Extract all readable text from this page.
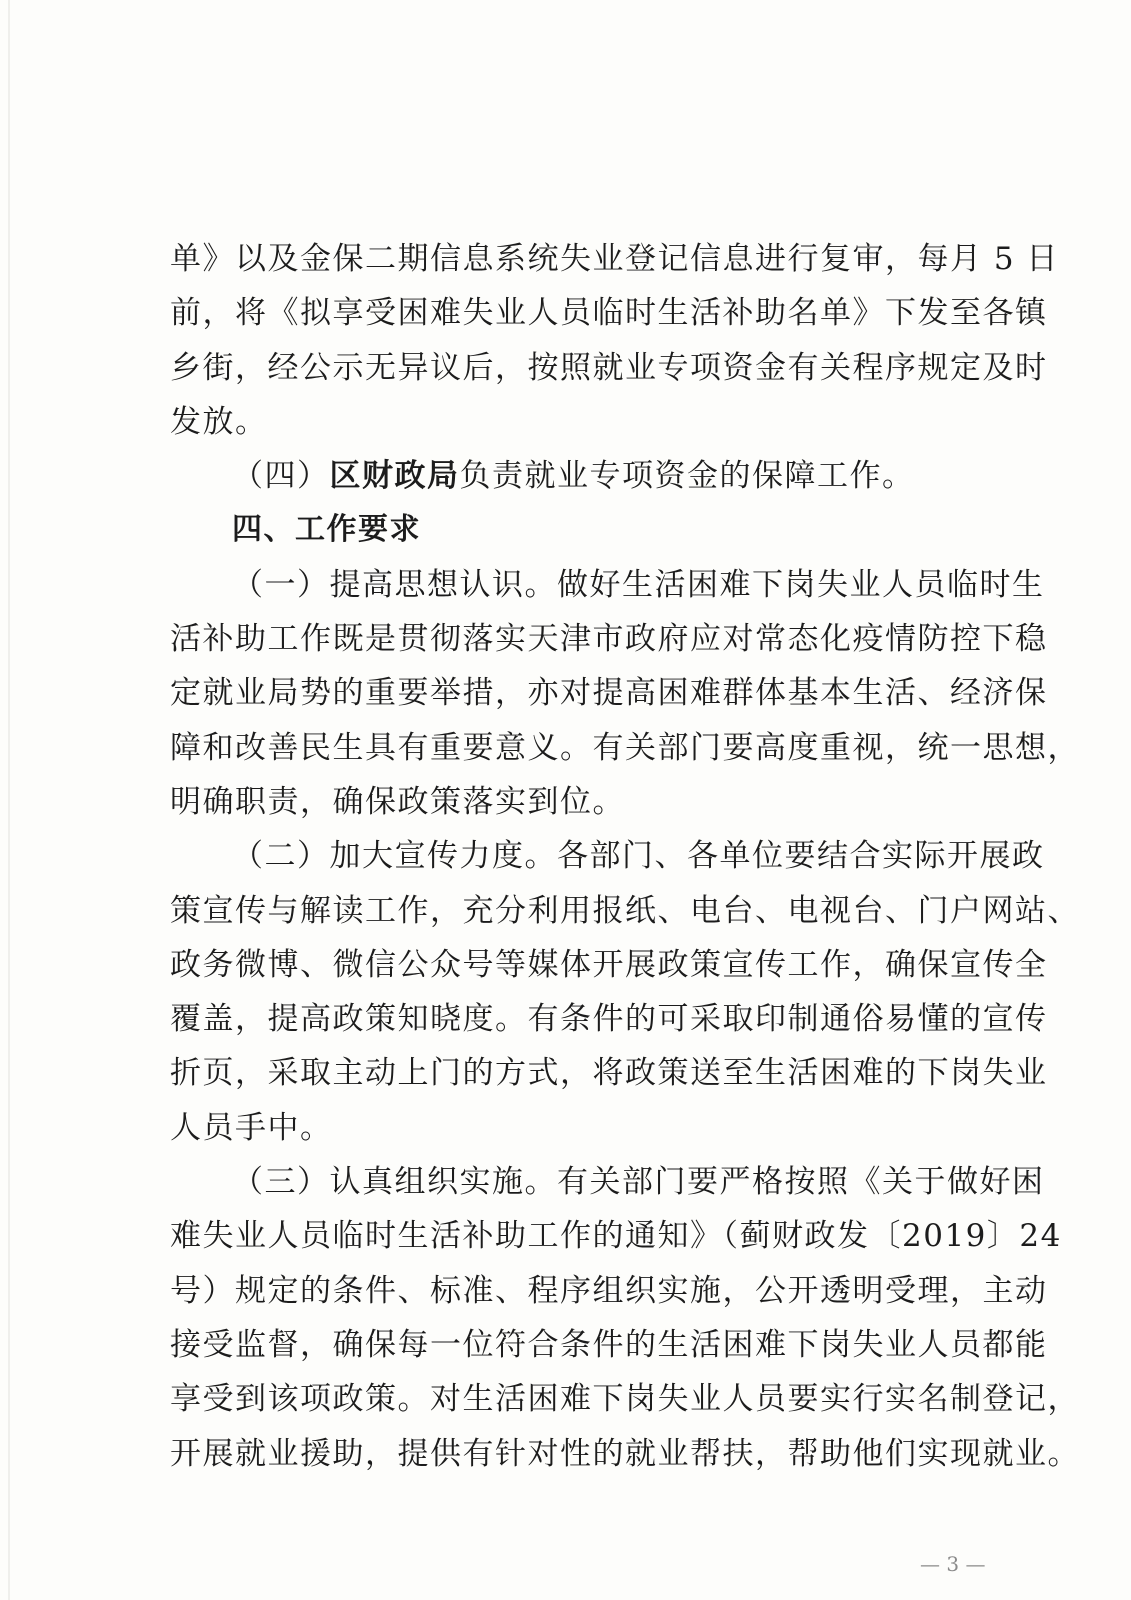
单》以及金保二期信息系统失业登记信息进行复审，每月 5 日
前，将《拟享受困难失业人员临时生活补助名单》下发至各镇
乡街，经公示无异议后，按照就业专项资金有关程序规定及时
发放。
（四）区财政局负责就业专项资金的保障工作。
四、工作要求
（一）提高思想认识。做好生活困难下岗失业人员临时生
活补助工作既是贯彻落实天津市政府应对常态化疫情防控下稳
定就业局势的重要举措，亦对提高困难群体基本生活、经济保
障和改善民生具有重要意义。有关部门要高度重视，统一思想，
明确职责，确保政策落实到位。
（二）加大宣传力度。各部门、各单位要结合实际开展政
策宣传与解读工作，充分利用报纸、电台、电视台、门户网站、
政务微博、微信公众号等媒体开展政策宣传工作，确保宣传全
覆盖，提高政策知晓度。有条件的可采取印制通俗易懂的宣传
折页，采取主动上门的方式，将政策送至生活困难的下岗失业
人员手中。
（三）认真组织实施。有关部门要严格按照《关于做好困
难失业人员临时生活补助工作的通知》（蓟财政发〔2019〕24
号）规定的条件、标准、程序组织实施，公开透明受理，主动
接受监督，确保每一位符合条件的生活困难下岗失业人员都能
享受到该项政策。对生活困难下岗失业人员要实行实名制登记，
开展就业援助，提供有针对性的就业帮扶，帮助他们实现就业。
— 3 —
